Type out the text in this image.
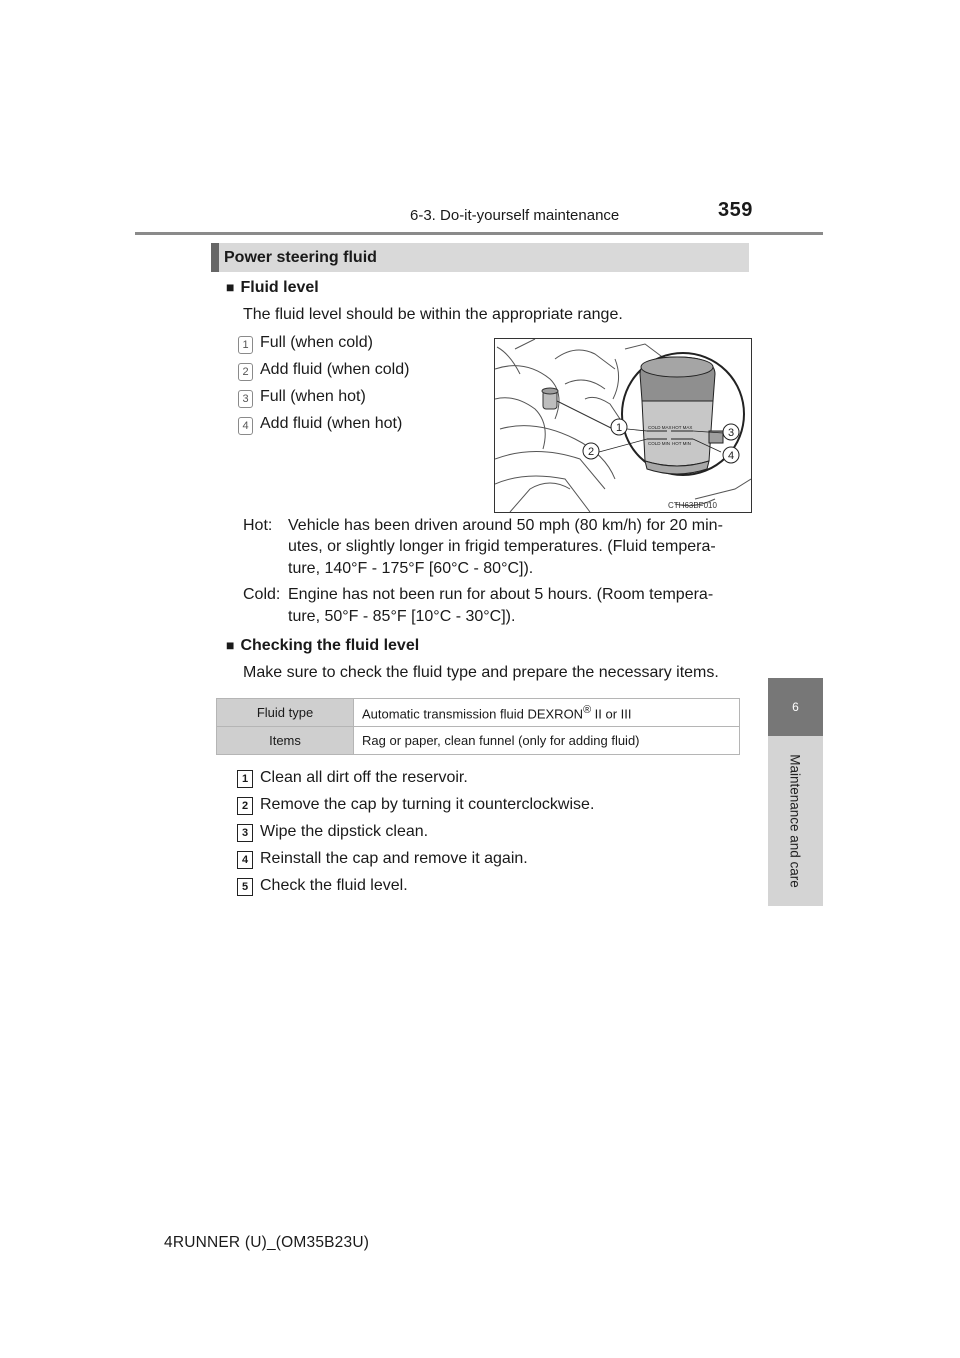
6-3. Do-it-yourself maintenance	359
6
Maintenance and care
Power steering fluid
■ Fluid level
The fluid level should be within the appropriate range.
1 Full (when cold)
2 Add fluid (when cold)
3 Full (when hot)
4 Add fluid (when hot)	COLD MAX
COLD MIN
HOT MAX
HOT MIN
1
2
3
4
CTH63BF010
Hot: Vehicle has been driven around 50 mph (80 km/h) for 20 min-
utes, or slightly longer in frigid temperatures. (Fluid tempera-
ture, 140°F - 175°F [60°C - 80°C]).
Cold: Engine has not been run for about 5 hours. (Room tempera-
ture, 50°F - 85°F [10°C - 30°C]).
■ Checking the fluid level
Make sure to check the fluid type and prepare the necessary items.
Fluid type	Automatic transmission fluid DEXRON® II or III
Items	Rag or paper, clean funnel (only for adding fluid)
1 Clean all dirt off the reservoir.
2 Remove the cap by turning it counterclockwise.
3 Wipe the dipstick clean.
4 Reinstall the cap and remove it again.
5 Check the fluid level.
4RUNNER (U)_(OM35B23U)
